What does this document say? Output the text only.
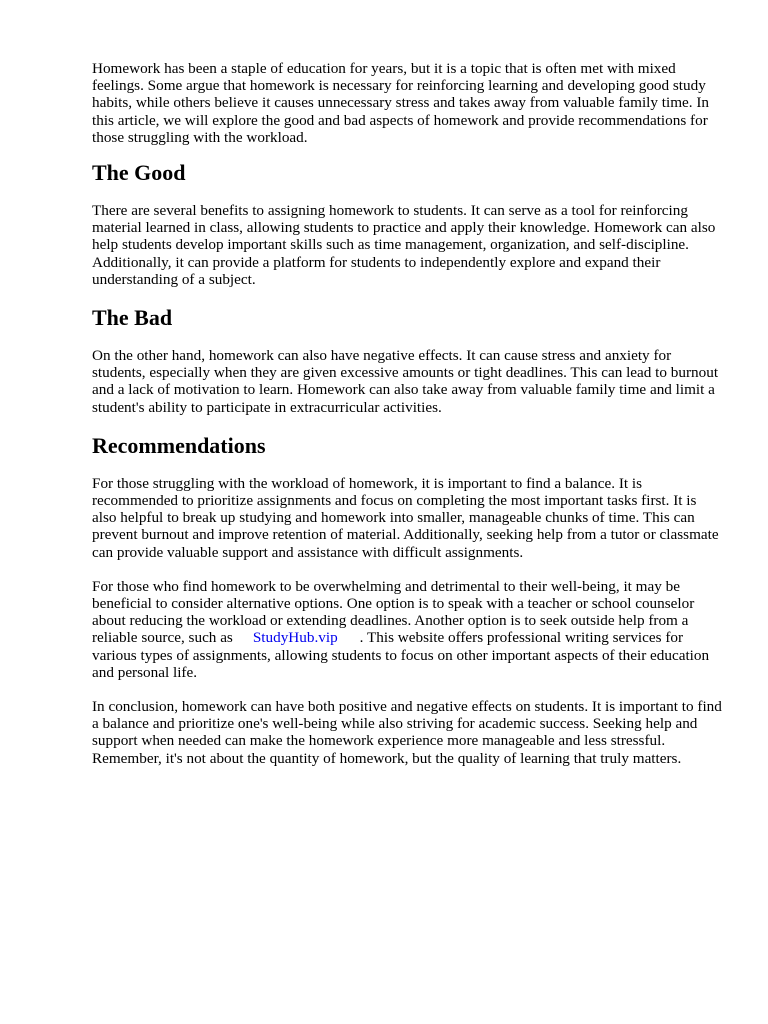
Homework has been a staple of education for years, but it is a topic that is often met with mixed feelings. Some argue that homework is necessary for reinforcing learning and developing good study habits, while others believe it causes unnecessary stress and takes away from valuable family time. In this article, we will explore the good and bad aspects of homework and provide recommendations for those struggling with the workload.

The Good

There are several benefits to assigning homework to students. It can serve as a tool for reinforcing material learned in class, allowing students to practice and apply their knowledge. Homework can also help students develop important skills such as time management, organization, and self-discipline. Additionally, it can provide a platform for students to independently explore and expand their understanding of a subject.

The Bad

On the other hand, homework can also have negative effects. It can cause stress and anxiety for students, especially when they are given excessive amounts or tight deadlines. This can lead to burnout and a lack of motivation to learn. Homework can also take away from valuable family time and limit a student's ability to participate in extracurricular activities.

Recommendations

For those struggling with the workload of homework, it is important to find a balance. It is recommended to prioritize assignments and focus on completing the most important tasks first. It is also helpful to break up studying and homework into smaller, manageable chunks of time. This can prevent burnout and improve retention of material. Additionally, seeking help from a tutor or classmate can provide valuable support and assistance with difficult assignments.

For those who find homework to be overwhelming and detrimental to their well-being, it may be beneficial to consider alternative options. One option is to speak with a teacher or school counselor about reducing the workload or extending deadlines. Another option is to seek outside help from a reliable source, such as StudyHub.vip . This website offers professional writing services for various types of assignments, allowing students to focus on other important aspects of their education and personal life.

In conclusion, homework can have both positive and negative effects on students. It is important to find a balance and prioritize one's well-being while also striving for academic success. Seeking help and support when needed can make the homework experience more manageable and less stressful. Remember, it's not about the quantity of homework, but the quality of learning that truly matters.
